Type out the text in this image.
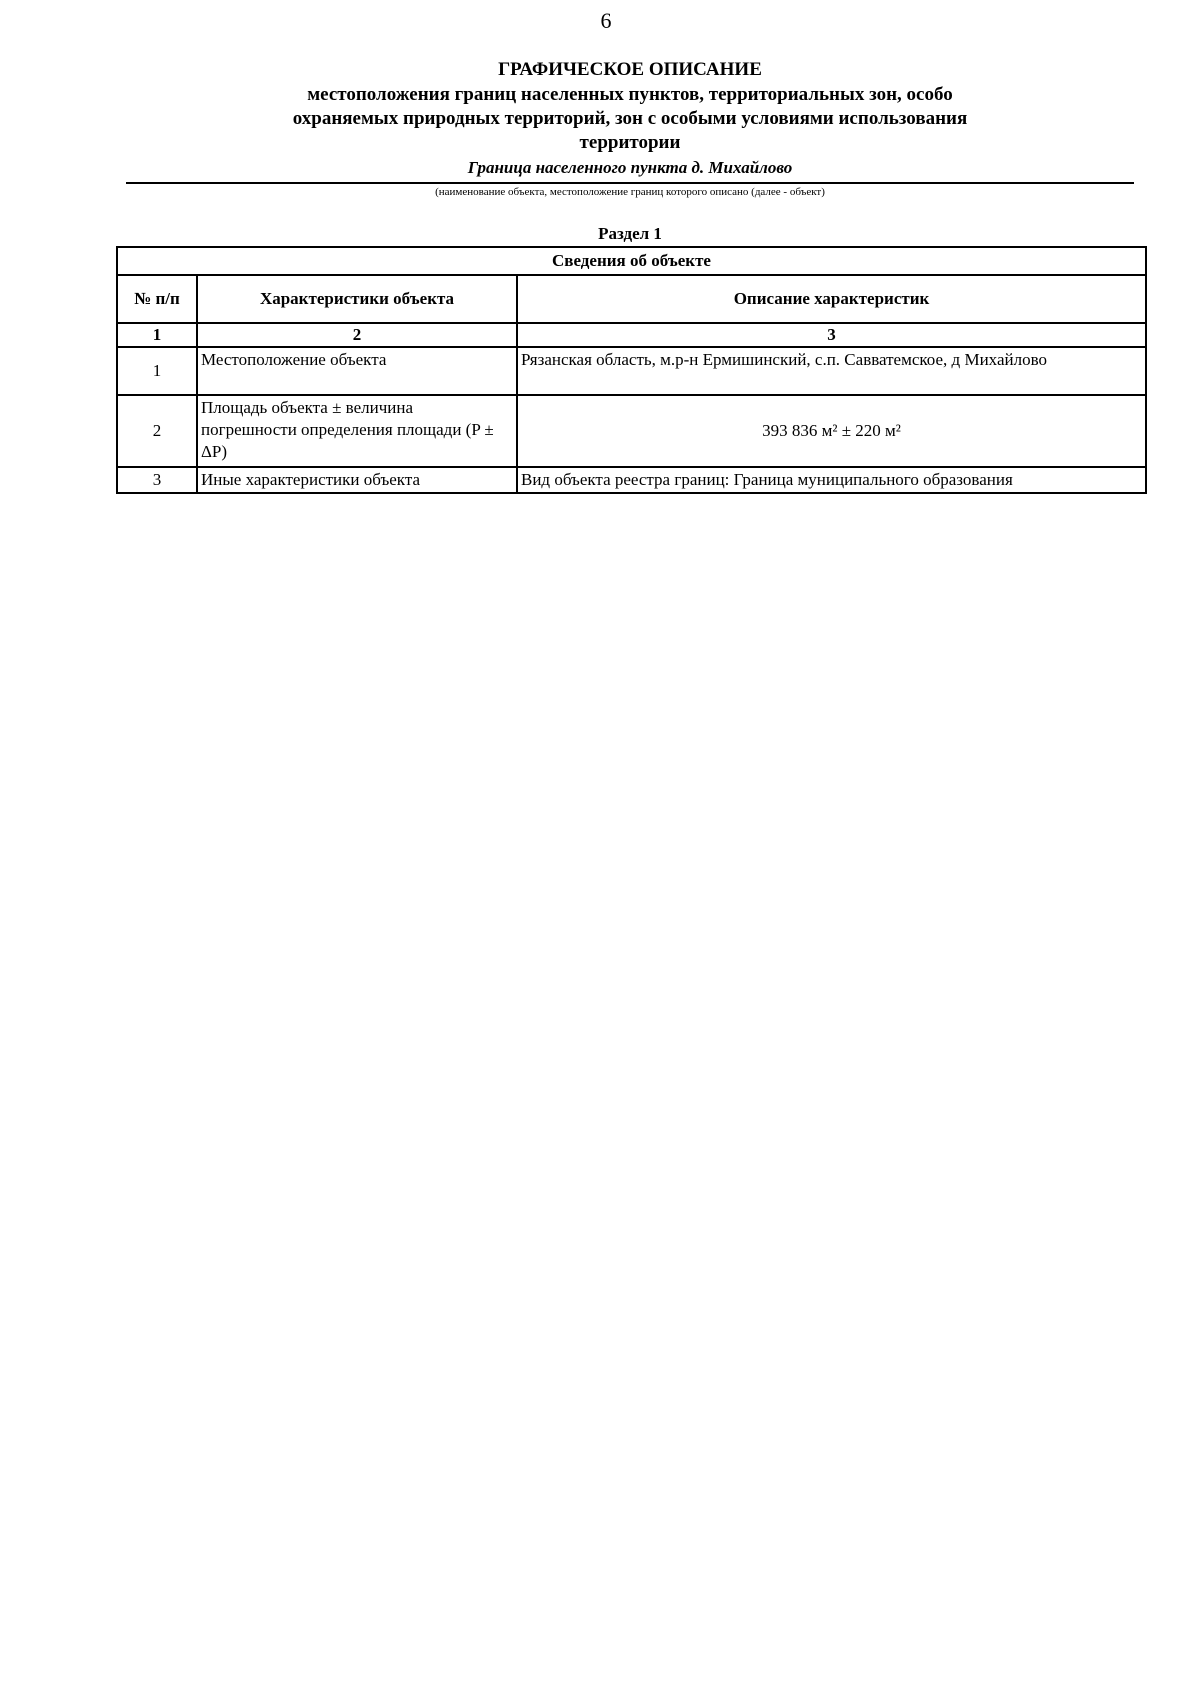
6
ГРАФИЧЕСКОЕ ОПИСАНИЕ
местоположения границ населенных пунктов, территориальных зон, особо охраняемых природных территорий, зон с особыми условиями использования территории
Граница населенного пункта д. Михайлово
(наименование объекта, местоположение границ которого описано (далее - объект)
Раздел 1
Сведения об объекте		
№ п/п	Характеристики объекта	Описание характеристик
1	2	3
1	Местоположение объекта	Рязанская область, м.р-н Ермишинский, с.п. Савватемское, д Михайлово
2	Площадь объекта ± величина погрешности определения площади (P ± ΔP)	393 836 м² ± 220 м²
3	Иные характеристики объекта	Вид объекта реестра границ: Граница муниципального образования
